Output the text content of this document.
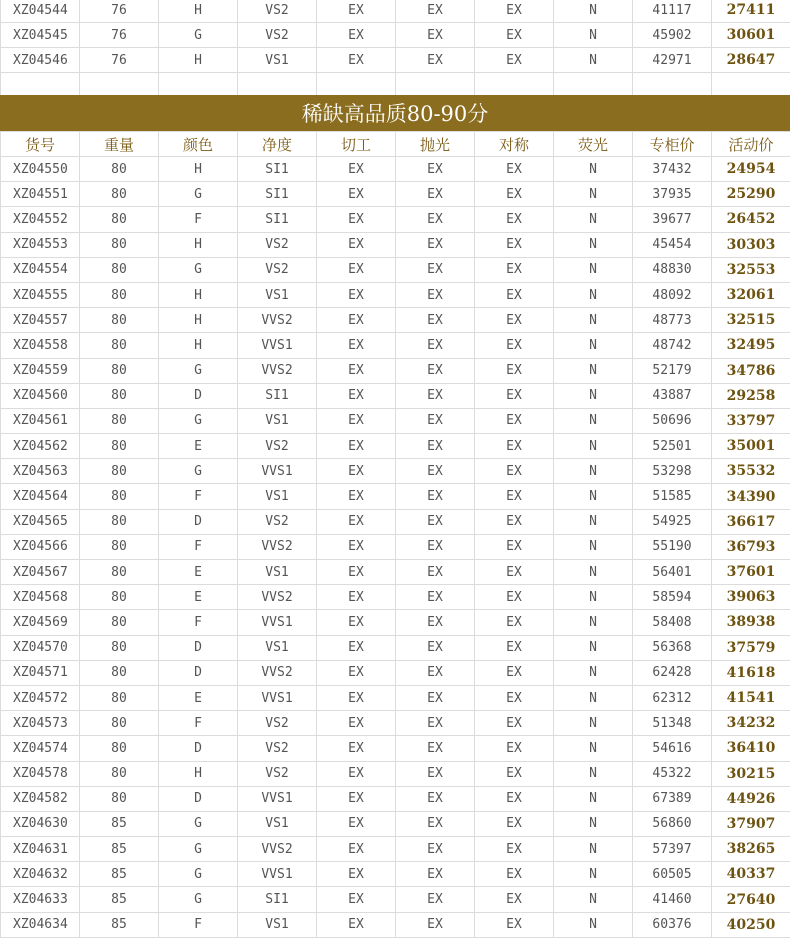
XZ04544	76	H	VS2	EX	EX	EX	N	41117	27411
XZ04545	76	G	VS2	EX	EX	EX	N	45902	30601
XZ04546	76	H	VS1	EX	EX	EX	N	42971	28647

稀缺高品质80-90分
货号	重量	颜色	净度	切工	抛光	对称	荧光	专柜价	活动价
XZ04550	80	H	SI1	EX	EX	EX	N	37432	24954
XZ04551	80	G	SI1	EX	EX	EX	N	37935	25290
XZ04552	80	F	SI1	EX	EX	EX	N	39677	26452
XZ04553	80	H	VS2	EX	EX	EX	N	45454	30303
XZ04554	80	G	VS2	EX	EX	EX	N	48830	32553
XZ04555	80	H	VS1	EX	EX	EX	N	48092	32061
XZ04557	80	H	VVS2	EX	EX	EX	N	48773	32515
XZ04558	80	H	VVS1	EX	EX	EX	N	48742	32495
XZ04559	80	G	VVS2	EX	EX	EX	N	52179	34786
XZ04560	80	D	SI1	EX	EX	EX	N	43887	29258
XZ04561	80	G	VS1	EX	EX	EX	N	50696	33797
XZ04562	80	E	VS2	EX	EX	EX	N	52501	35001
XZ04563	80	G	VVS1	EX	EX	EX	N	53298	35532
XZ04564	80	F	VS1	EX	EX	EX	N	51585	34390
XZ04565	80	D	VS2	EX	EX	EX	N	54925	36617
XZ04566	80	F	VVS2	EX	EX	EX	N	55190	36793
XZ04567	80	E	VS1	EX	EX	EX	N	56401	37601
XZ04568	80	E	VVS2	EX	EX	EX	N	58594	39063
XZ04569	80	F	VVS1	EX	EX	EX	N	58408	38938
XZ04570	80	D	VS1	EX	EX	EX	N	56368	37579
XZ04571	80	D	VVS2	EX	EX	EX	N	62428	41618
XZ04572	80	E	VVS1	EX	EX	EX	N	62312	41541
XZ04573	80	F	VS2	EX	EX	EX	N	51348	34232
XZ04574	80	D	VS2	EX	EX	EX	N	54616	36410
XZ04578	80	H	VS2	EX	EX	EX	N	45322	30215
XZ04582	80	D	VVS1	EX	EX	EX	N	67389	44926
XZ04630	85	G	VS1	EX	EX	EX	N	56860	37907
XZ04631	85	G	VVS2	EX	EX	EX	N	57397	38265
XZ04632	85	G	VVS1	EX	EX	EX	N	60505	40337
XZ04633	85	G	SI1	EX	EX	EX	N	41460	27640
XZ04634	85	F	VS1	EX	EX	EX	N	60376	40250
